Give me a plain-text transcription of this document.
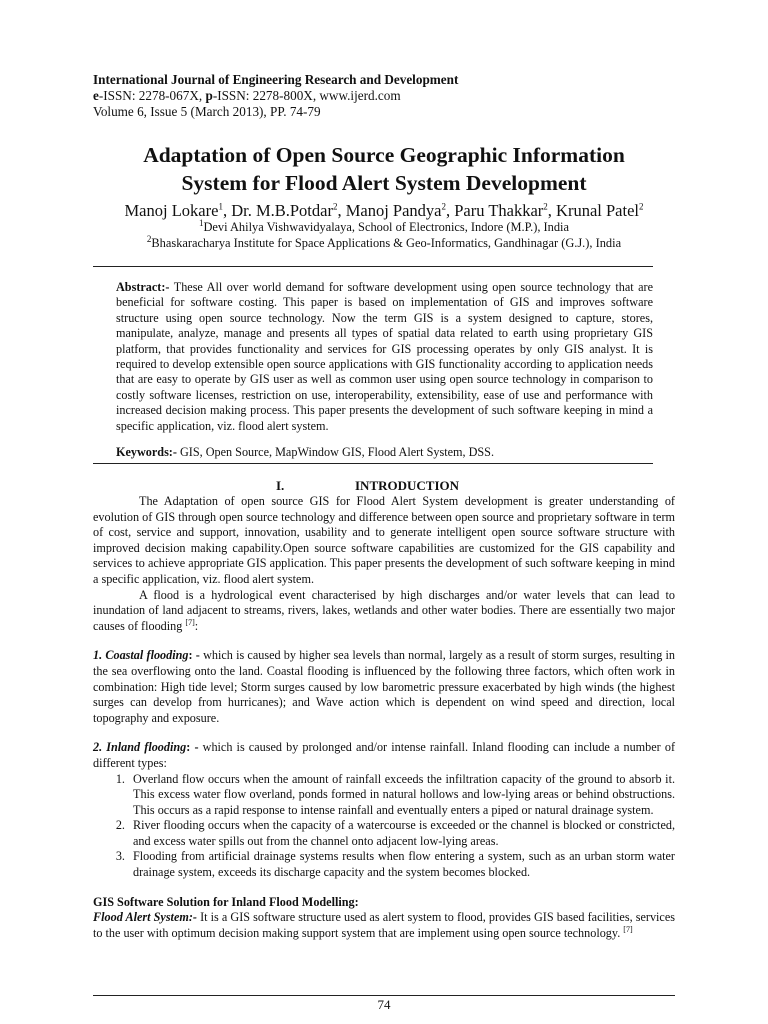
International Journal of Engineering Research and Development
e-ISSN: 2278-067X, p-ISSN: 2278-800X, www.ijerd.com
Volume 6, Issue 5 (March 2013), PP. 74-79
Adaptation of Open Source Geographic Information
System for Flood Alert System Development
Manoj Lokare$^1$, Dr. M.B.Potdar$^2$, Manoj Pandya$^2$, Paru Thakkar$^2$, Krunal Patel$^2$
$^1$Devi Ahilya Vishwavidyalaya, School of Electronics, Indore (M.P.), India
$^2$Bhaskaracharya Institute for Space Applications & Geo-Informatics, Gandhinagar (G.J.), India
Abstract:- These All over world demand for software development using open source technology that are beneficial for software costing. This paper is based on implementation of GIS and improves software structure using open source technology. Now the term GIS is a system designed to capture, stores, manipulate, analyze, manage and presents all types of spatial data related to earth using proprietary GIS platform, that provides functionality and services for GIS processing operates by only GIS analyst. It is required to develop extensible open source applications with GIS functionality according to application needs that are easy to operate by GIS user as well as common user using open source technology in comparison to costly software licenses, restriction on use, interoperability, extensibility, ease of use and performance with increased decision making process. This paper presents the development of such software keeping in mind a specific application, viz. flood alert system.
Keywords:- GIS, Open Source, MapWindow GIS, Flood Alert System, DSS.
I.	INTRODUCTION

The Adaptation of open source GIS for Flood Alert System development is greater understanding of evolution of GIS through open source technology and difference between open source and proprietary software in term of cost, service and support, innovation, usability and to generate intelligent open source software structure with improved decision making capability.Open source software capabilities are customized for the GIS capability and services to achieve appropriate GIS application. This paper presents the development of such software keeping in mind a specific application, viz. flood alert system.

A flood is a hydrological event characterised by high discharges and/or water levels that can lead to inundation of land adjacent to streams, rivers, lakes, wetlands and other water bodies. There are essentially two major causes of flooding [7]:

1. Coastal flooding: - which is caused by higher sea levels than normal, largely as a result of storm surges, resulting in the sea overflowing onto the land. Coastal flooding is influenced by the following three factors, which often work in combination: High tide level; Storm surges caused by low barometric pressure exacerbated by high winds (the highest surges can develop from hurricanes); and Wave action which is dependent on wind speed and direction, local topography and exposure.

2. Inland flooding: - which is caused by prolonged and/or intense rainfall. Inland flooding can include a number of different types:

1. Overland flow occurs when the amount of rainfall exceeds the infiltration capacity of the ground to absorb it. This excess water flow overland, ponds formed in natural hollows and low-lying areas or behind obstructions. This occurs as a rapid response to intense rainfall and eventually enters a piped or natural drainage system.
2. River flooding occurs when the capacity of a watercourse is exceeded or the channel is blocked or constricted, and excess water spills out from the channel onto adjacent low-lying areas.
3. Flooding from artificial drainage systems results when flow entering a system, such as an urban storm water drainage system, exceeds its discharge capacity and the system becomes blocked.

GIS Software Solution for Inland Flood Modelling:

Flood Alert System:- It is a GIS software structure used as alert system to flood, provides GIS based facilities, services to the user with optimum decision making support system that are implement using open source technology. [7]

74
